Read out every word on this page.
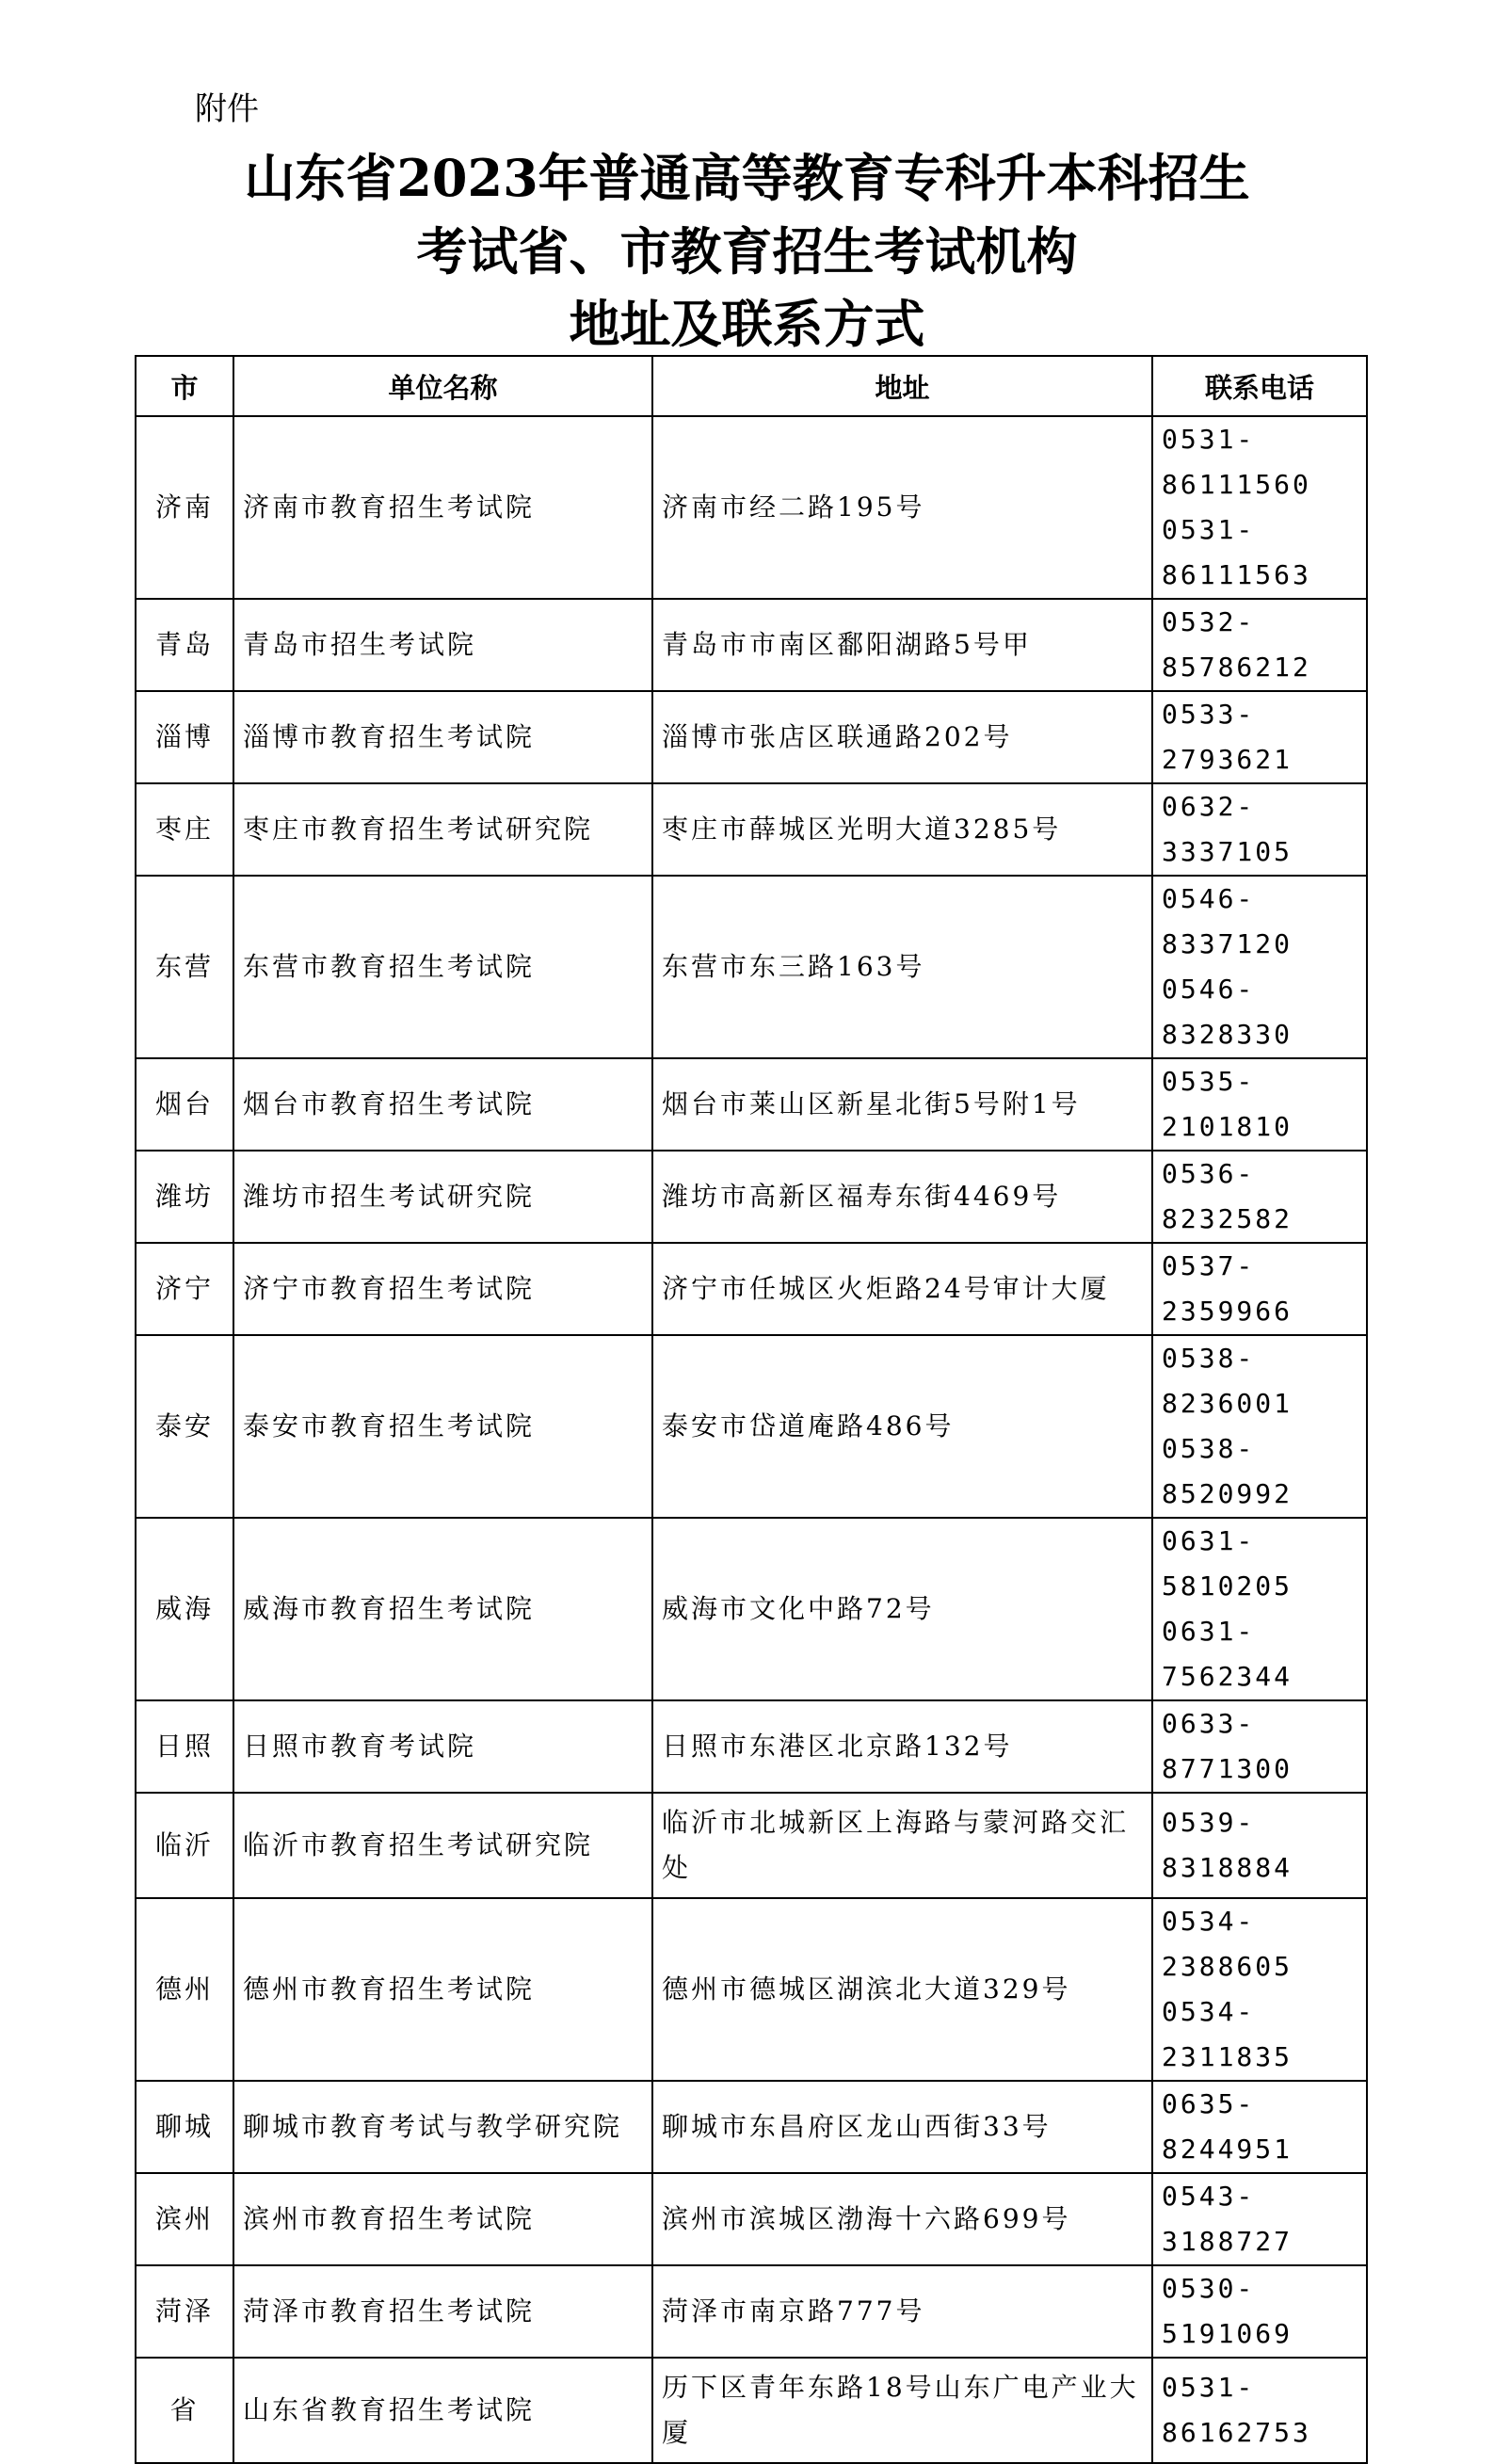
附件
山东省2023年普通高等教育专科升本科招生
考试省、市教育招生考试机构
地址及联系方式
市	单位名称	地址	联系电话
济南	济南市教育招生考试院	济南市经二路195号	0531-86111560
0531-86111563

青岛	青岛市招生考试院	青岛市市南区鄱阳湖路5号甲	0532-85786212

淄博	淄博市教育招生考试院	淄博市张店区联通路202号	0533-2793621

枣庄	枣庄市教育招生考试研究院	枣庄市薛城区光明大道3285号	0632-3337105

东营	东营市教育招生考试院	东营市东三路163号	0546-8337120
0546-8328330

烟台	烟台市教育招生考试院	烟台市莱山区新星北街5号附1号	0535-2101810

潍坊	潍坊市招生考试研究院	潍坊市高新区福寿东街4469号	0536-8232582

济宁	济宁市教育招生考试院	济宁市任城区火炬路24号审计大厦	0537-2359966

泰安	泰安市教育招生考试院	泰安市岱道庵路486号	0538-8236001
0538-8520992

威海	威海市教育招生考试院	威海市文化中路72号	0631-5810205
0631-7562344

日照	日照市教育考试院	日照市东港区北京路132号	0633-8771300

临沂	临沂市教育招生考试研究院	临沂市北城新区上海路与蒙河路交汇处	0539-8318884

德州	德州市教育招生考试院	德州市德城区湖滨北大道329号	0534-2388605
0534-2311835

聊城	聊城市教育考试与教学研究院	聊城市东昌府区龙山西街33号	0635-8244951

滨州	滨州市教育招生考试院	滨州市滨城区渤海十六路699号	0543-3188727

菏泽	菏泽市教育招生考试院	菏泽市南京路777号	0530-5191069

省	山东省教育招生考试院	历下区青年东路18号山东广电产业大厦	0531-86162753
